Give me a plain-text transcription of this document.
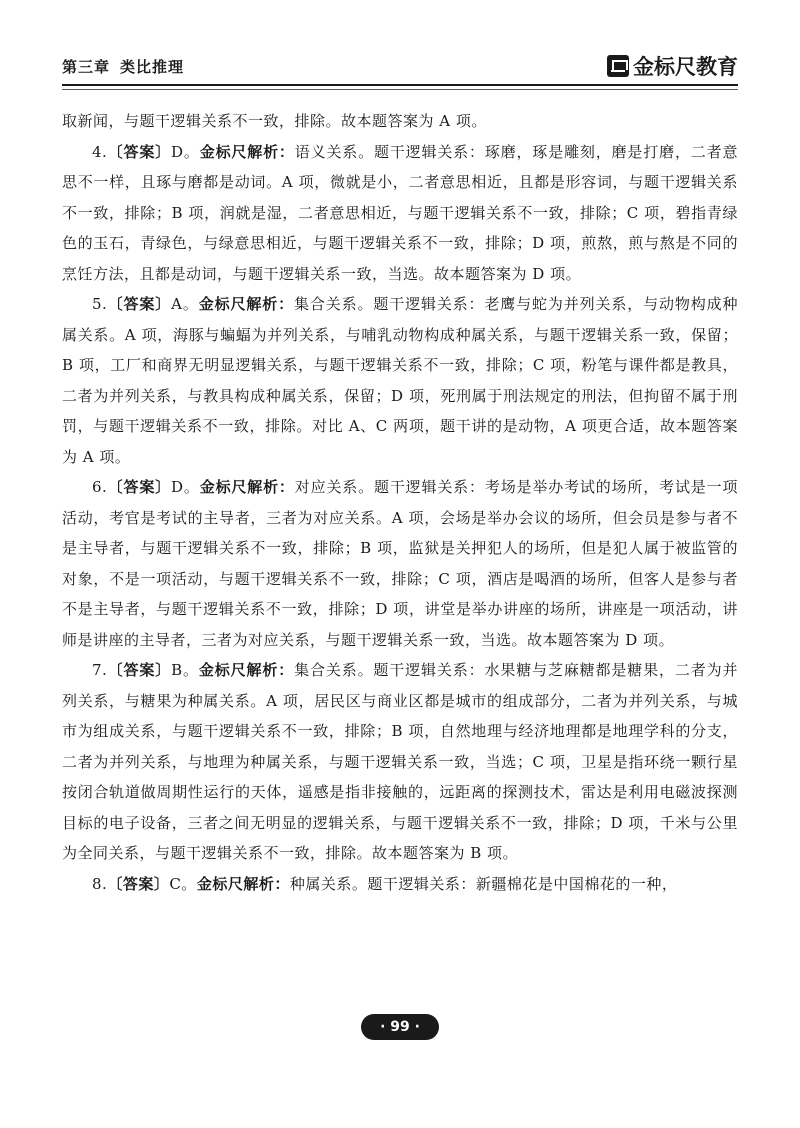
第三章 类比推理	金标尺教育

取新闻，与题干逻辑关系不一致，排除。故本题答案为 A 项。

4.〔答案〕D。金标尺解析：语义关系。题干逻辑关系：琢磨，琢是雕刻，磨是打磨，二者意思不一样，且琢与磨都是动词。A 项，微就是小，二者意思相近，且都是形容词，与题干逻辑关系不一致，排除；B 项，润就是湿，二者意思相近，与题干逻辑关系不一致，排除；C 项，碧指青绿色的玉石，青绿色，与绿意思相近，与题干逻辑关系不一致，排除；D 项，煎熬，煎与熬是不同的烹饪方法，且都是动词，与题干逻辑关系一致，当选。故本题答案为 D 项。

5.〔答案〕A。金标尺解析：集合关系。题干逻辑关系：老鹰与蛇为并列关系，与动物构成种属关系。A 项，海豚与蝙蝠为并列关系，与哺乳动物构成种属关系，与题干逻辑关系一致，保留；B 项，工厂和商界无明显逻辑关系，与题干逻辑关系不一致，排除；C 项，粉笔与课件都是教具，二者为并列关系，与教具构成种属关系，保留；D 项，死刑属于刑法规定的刑法，但拘留不属于刑罚，与题干逻辑关系不一致，排除。对比 A、C 两项，题干讲的是动物，A 项更合适，故本题答案为 A 项。

6.〔答案〕D。金标尺解析：对应关系。题干逻辑关系：考场是举办考试的场所，考试是一项活动，考官是考试的主导者，三者为对应关系。A 项，会场是举办会议的场所，但会员是参与者不是主导者，与题干逻辑关系不一致，排除；B 项，监狱是关押犯人的场所，但是犯人属于被监管的对象，不是一项活动，与题干逻辑关系不一致，排除；C 项，酒店是喝酒的场所，但客人是参与者不是主导者，与题干逻辑关系不一致，排除；D 项，讲堂是举办讲座的场所，讲座是一项活动，讲师是讲座的主导者，三者为对应关系，与题干逻辑关系一致，当选。故本题答案为 D 项。

7.〔答案〕B。金标尺解析：集合关系。题干逻辑关系：水果糖与芝麻糖都是糖果，二者为并列关系，与糖果为种属关系。A 项，居民区与商业区都是城市的组成部分，二者为并列关系，与城市为组成关系，与题干逻辑关系不一致，排除；B 项，自然地理与经济地理都是地理学科的分支，二者为并列关系，与地理为种属关系，与题干逻辑关系一致，当选；C 项，卫星是指环绕一颗行星按闭合轨道做周期性运行的天体，遥感是指非接触的，远距离的探测技术，雷达是利用电磁波探测目标的电子设备，三者之间无明显的逻辑关系，与题干逻辑关系不一致，排除；D 项，千米与公里为全同关系，与题干逻辑关系不一致，排除。故本题答案为 B 项。

8.〔答案〕C。金标尺解析：种属关系。题干逻辑关系：新疆棉花是中国棉花的一种，

· 99 ·
